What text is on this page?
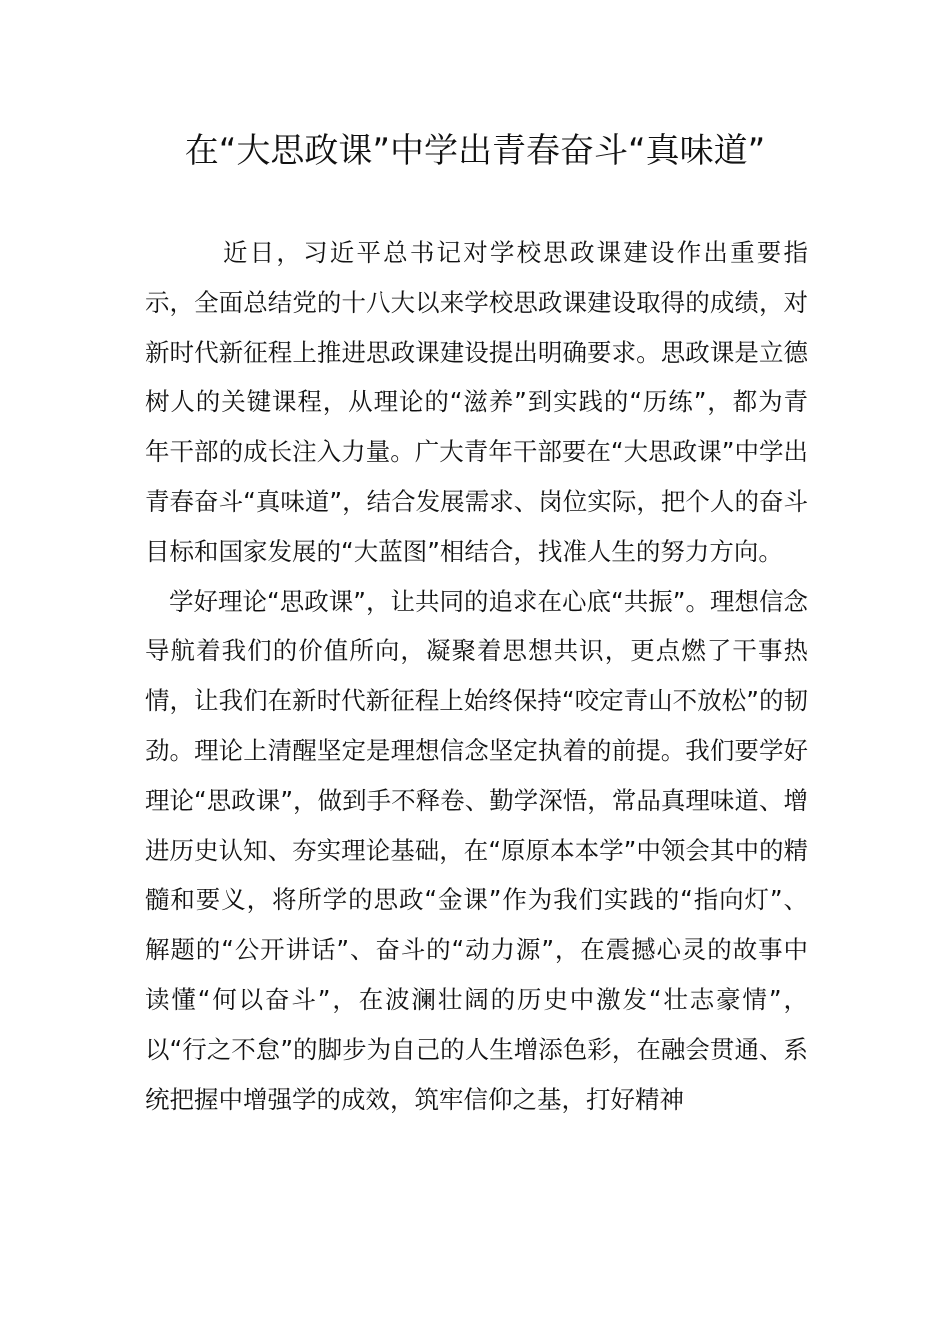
在“大思政课”中学出青春奋斗“真味道”

近日，习近平总书记对学校思政课建设作出重要指示，全面总结党的十八大以来学校思政课建设取得的成绩，对新时代新征程上推进思政课建设提出明确要求。思政课是立德树人的关键课程，从理论的“滋养”到实践的“历练”，都为青年干部的成长注入力量。广大青年干部要在“大思政课”中学出青春奋斗“真味道”，结合发展需求、岗位实际，把个人的奋斗目标和国家发展的“大蓝图”相结合，找准人生的努力方向。

学好理论“思政课”，让共同的追求在心底“共振”。理想信念导航着我们的价值所向，凝聚着思想共识，更点燃了干事热情，让我们在新时代新征程上始终保持“咬定青山不放松”的韧劲。理论上清醒坚定是理想信念坚定执着的前提。我们要学好理论“思政课”，做到手不释卷、勤学深悟，常品真理味道、增进历史认知、夯实理论基础，在“原原本本学”中领会其中的精髓和要义，将所学的思政“金课”作为我们实践的“指向灯”、解题的“公开讲话”、奋斗的“动力源”，在震撼心灵的故事中读懂“何以奋斗”，在波澜壮阔的历史中激发“壮志豪情”，以“行之不怠”的脚步为自己的人生增添色彩，在融会贯通、系统把握中增强学的成效，筑牢信仰之基，打好精神
